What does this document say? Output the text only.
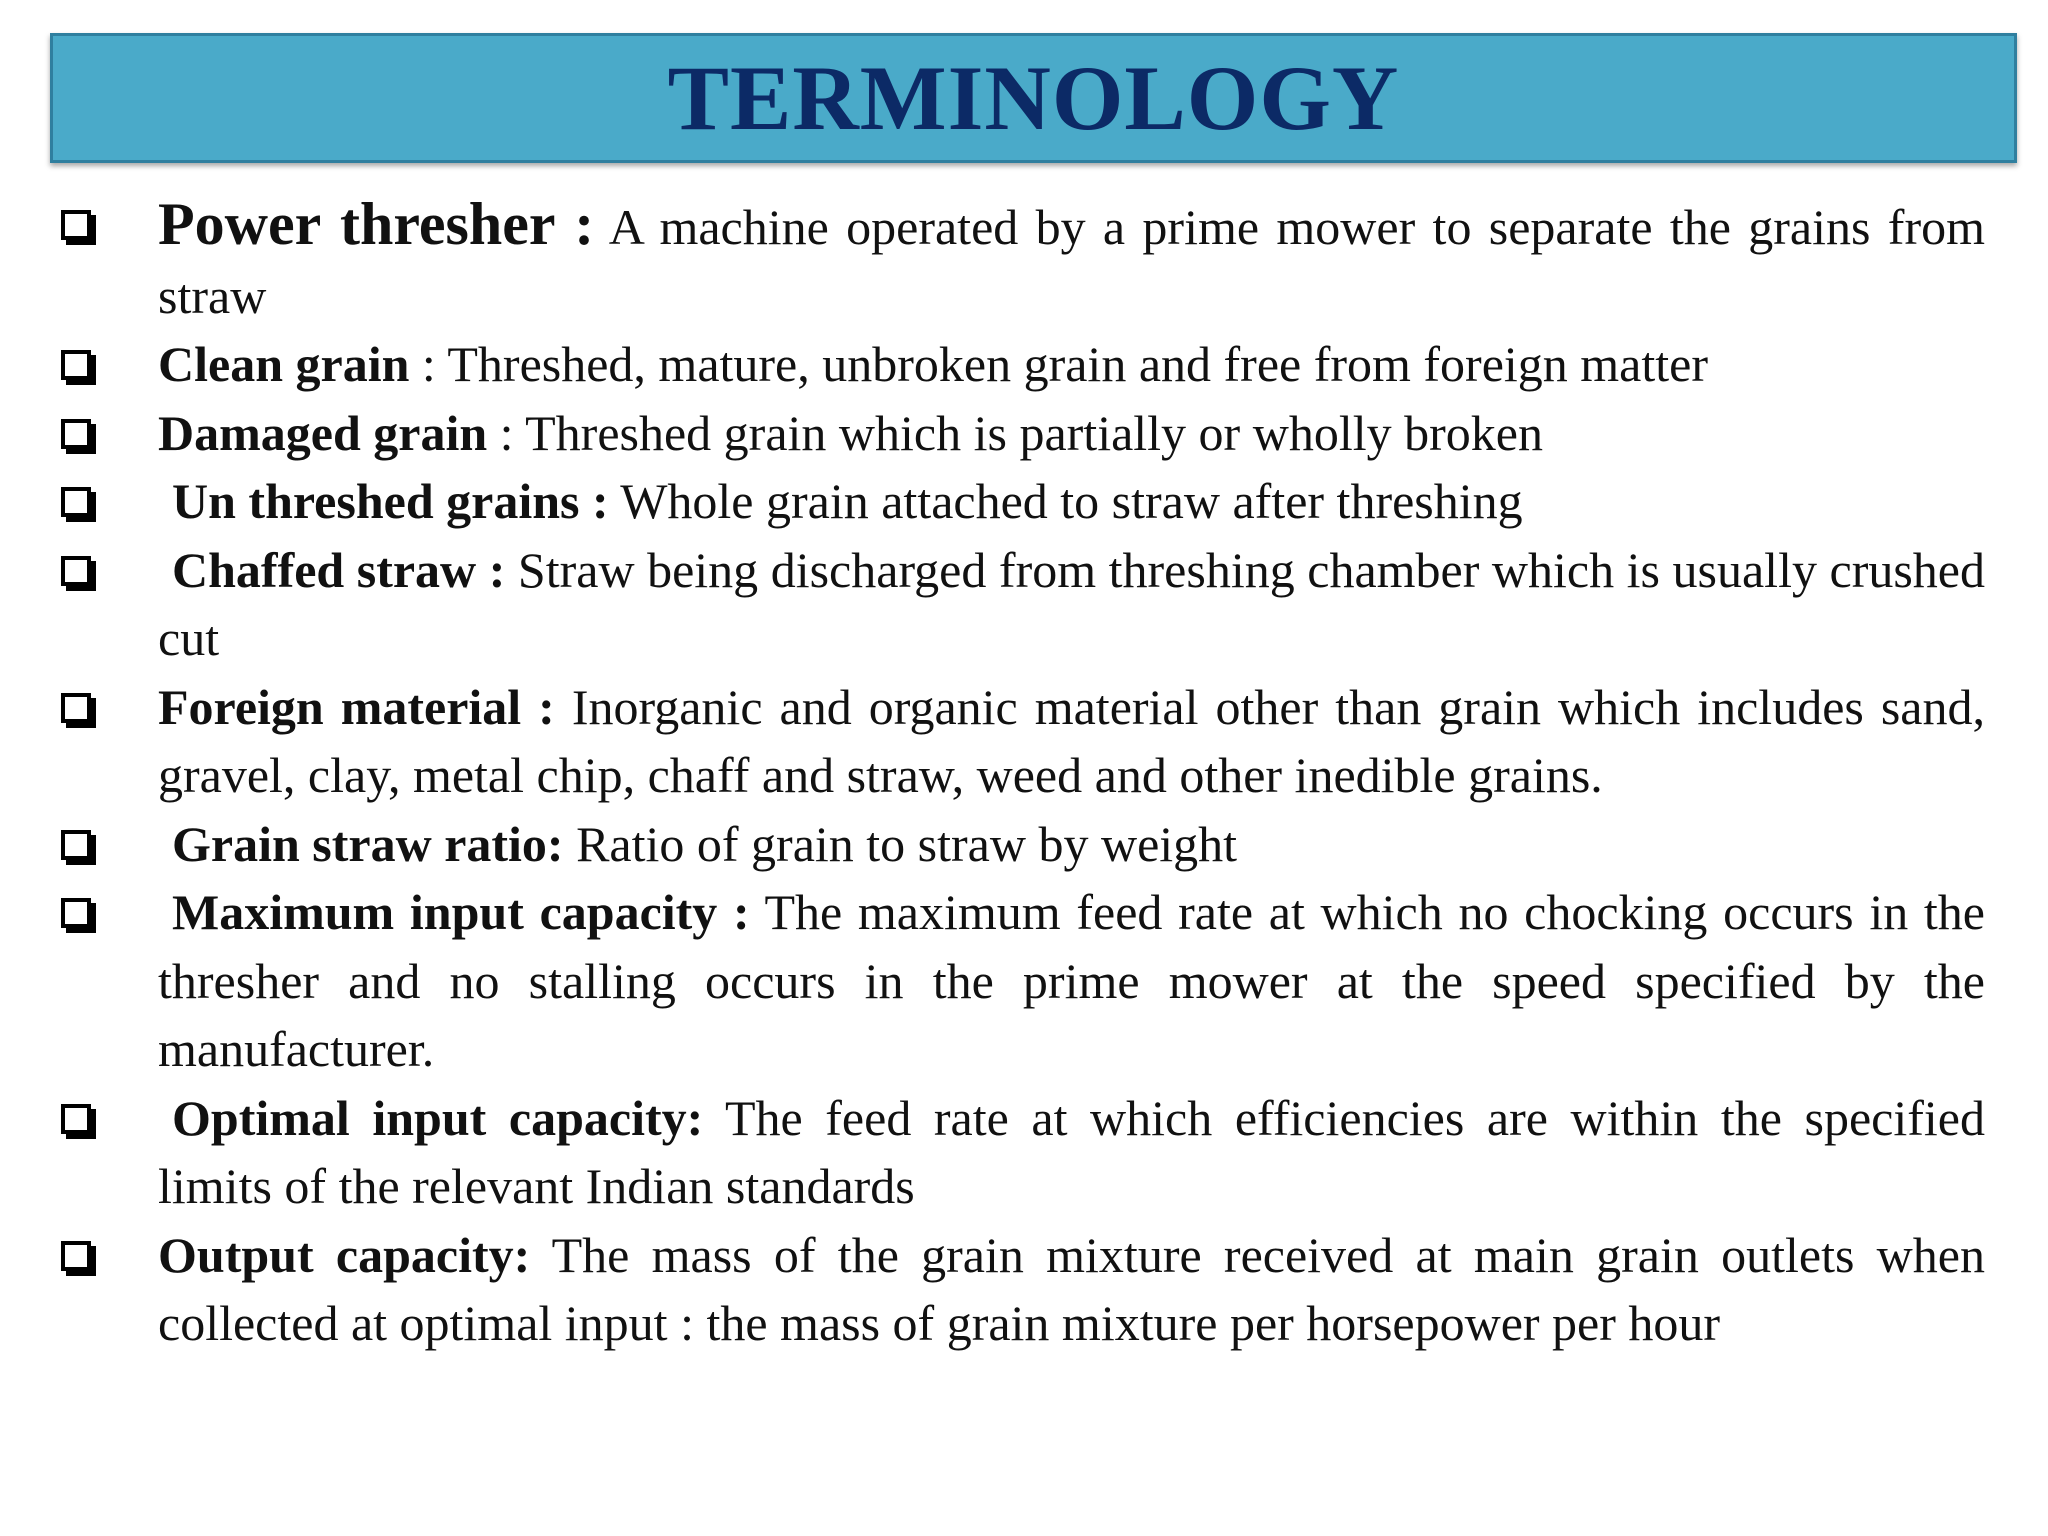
TERMINOLOGY
Power thresher : A machine operated by a prime mower to separate the grains from straw
Clean grain : Threshed, mature, unbroken grain and free from foreign matter
Damaged grain : Threshed grain which is partially or wholly broken
Un threshed grains : Whole grain attached to straw after threshing
Chaffed straw : Straw being discharged from threshing chamber which is usually crushed cut
Foreign material : Inorganic and organic material other than grain which includes sand, gravel, clay, metal chip, chaff and straw, weed and other inedible grains.
Grain straw ratio: Ratio of grain to straw by weight
Maximum input capacity : The maximum feed rate at which no chocking occurs in the thresher and no stalling occurs in the prime mower at the speed specified by the manufacturer.
Optimal input capacity: The feed rate at which efficiencies are within the specified limits of the relevant Indian standards
Output capacity: The mass of the grain mixture received at main grain outlets when collected at optimal input : the mass of grain mixture per horsepower per hour
